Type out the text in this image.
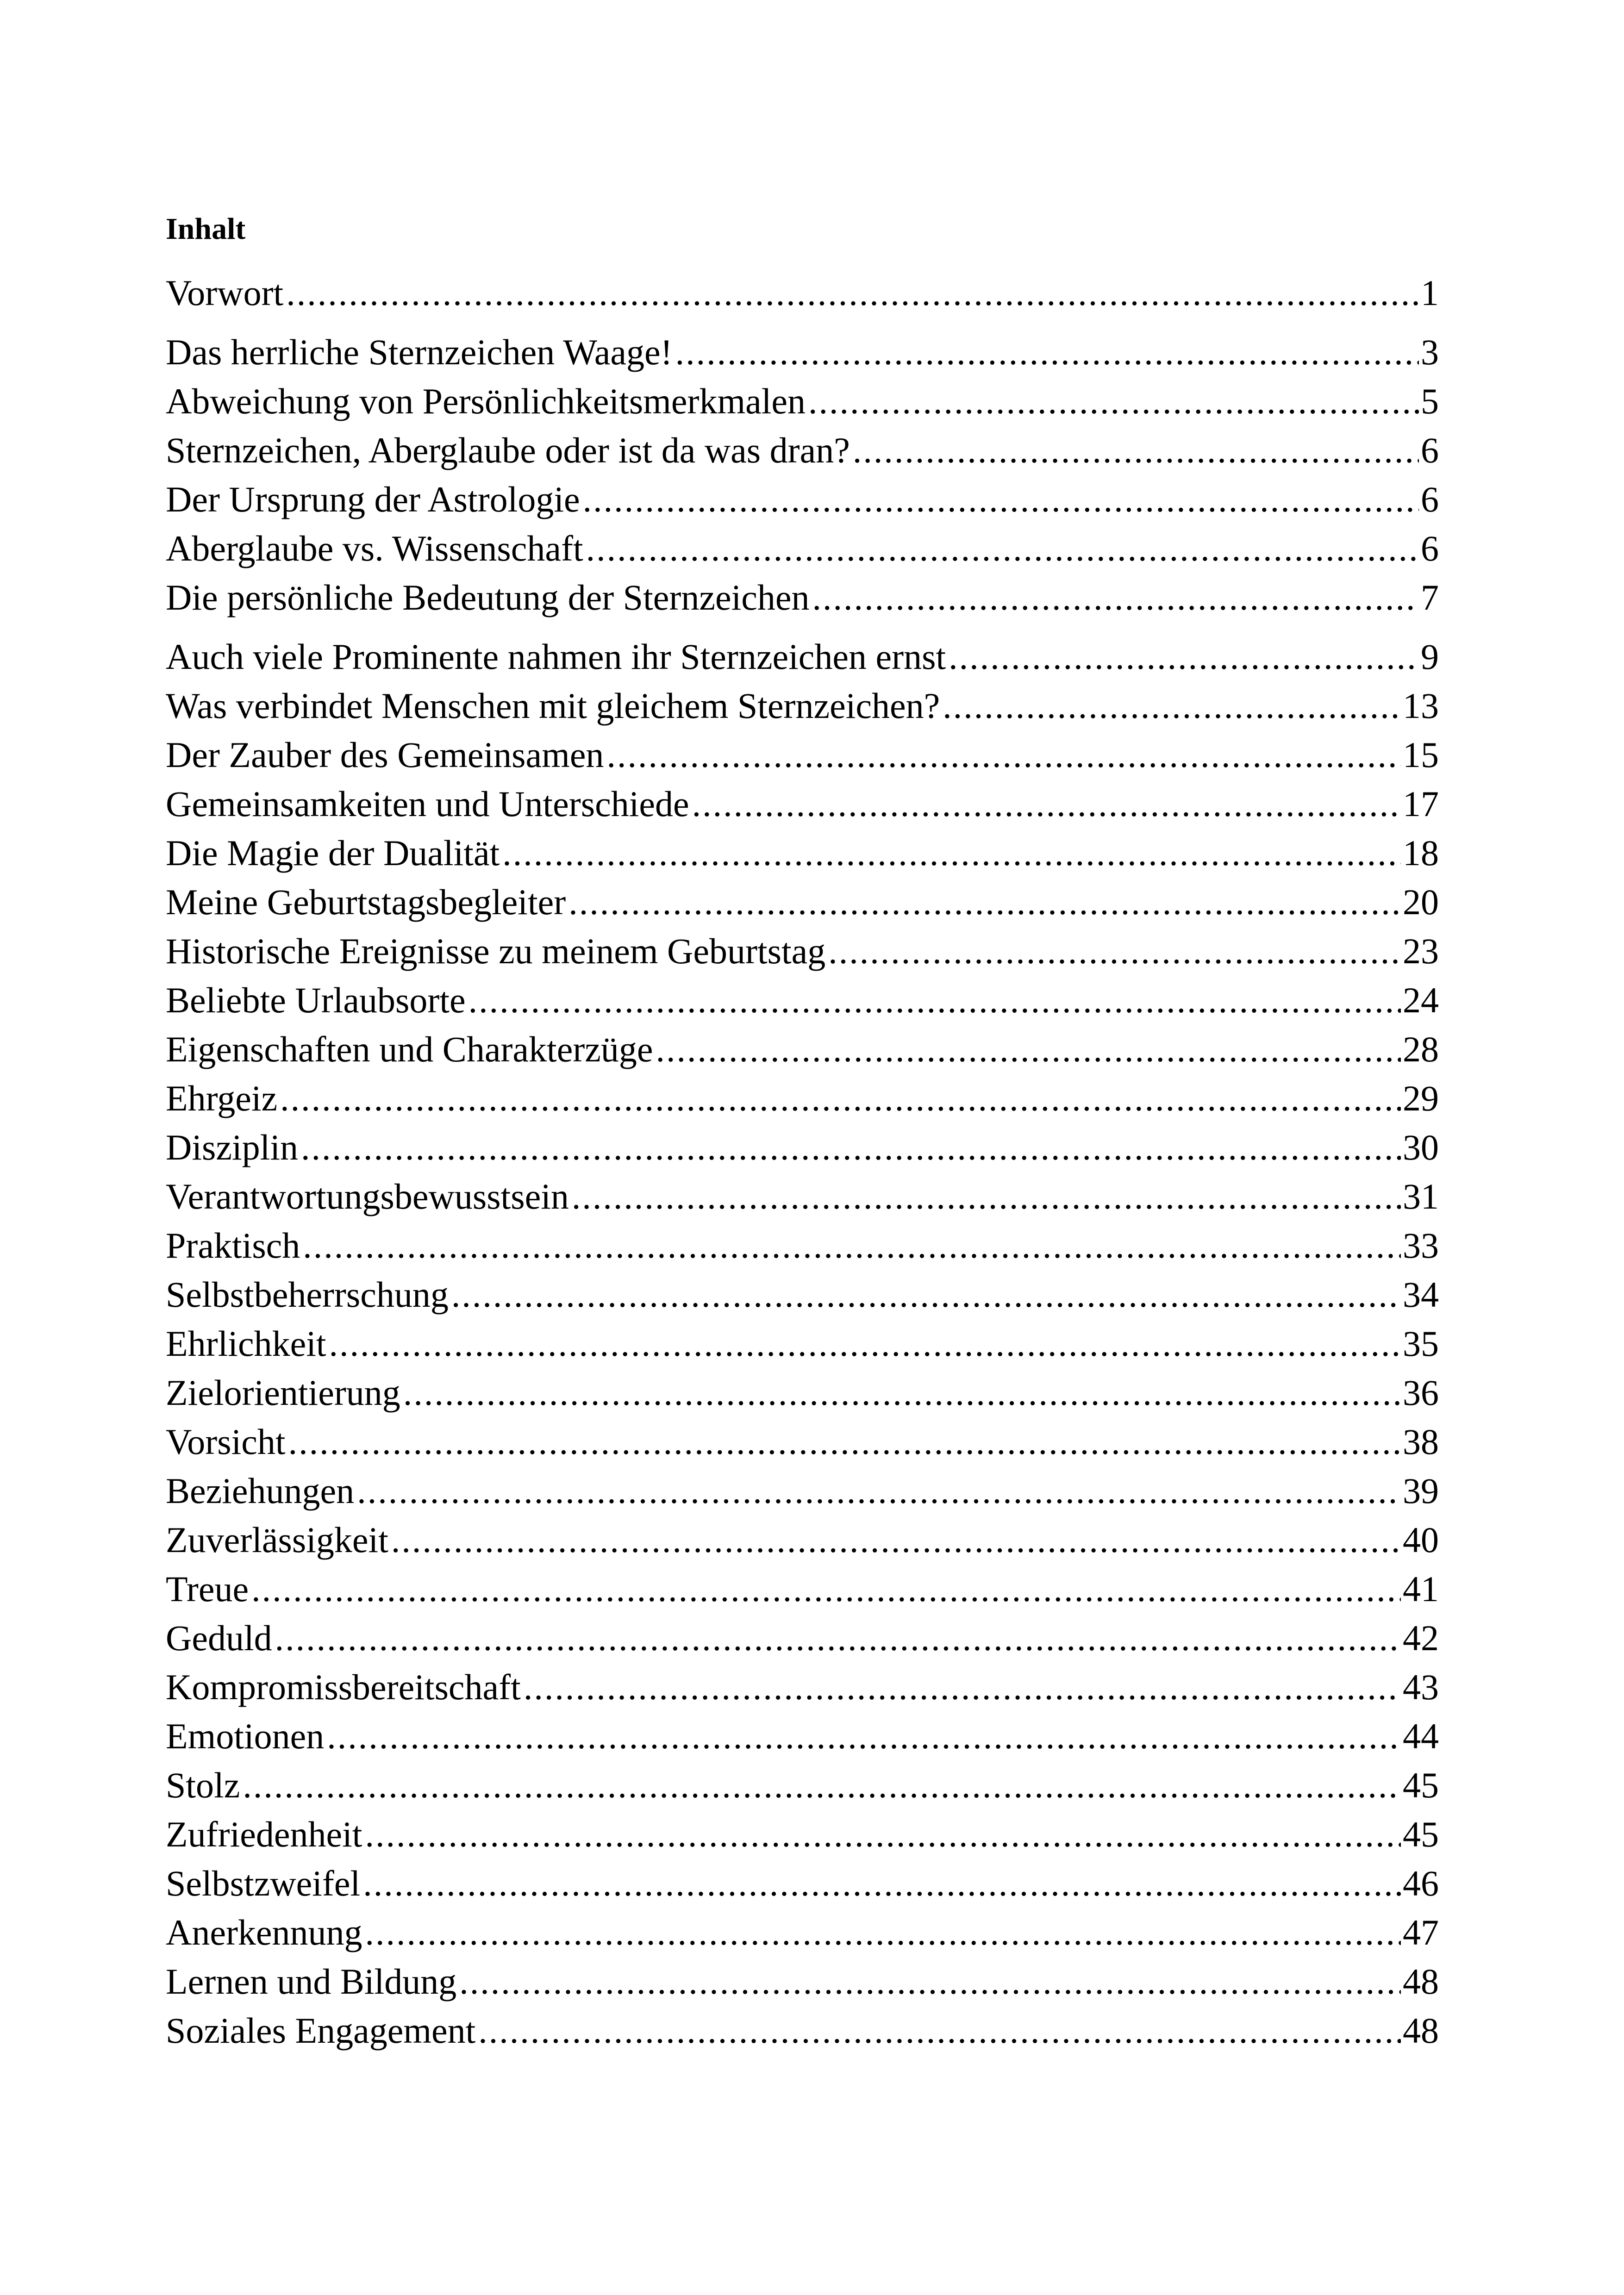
Inhalt
Vorwort .....	1
Das herrliche Sternzeichen Waage! .....	3
Abweichung von Persönlichkeitsmerkmalen .....	5
Sternzeichen, Aberglaube oder ist da was dran? .....	6
Der Ursprung der Astrologie .....	6
Aberglaube vs. Wissenschaft .....	6
Die persönliche Bedeutung der Sternzeichen .....	7
Auch viele Prominente nahmen ihr Sternzeichen ernst .....	9
Was verbindet Menschen mit gleichem Sternzeichen? .....	13
Der Zauber des Gemeinsamen .....	15
Gemeinsamkeiten und Unterschiede .....	17
Die Magie der Dualität .....	18
Meine Geburtstagsbegleiter .....	20
Historische Ereignisse zu meinem Geburtstag .....	23
Beliebte Urlaubsorte .....	24
Eigenschaften und Charakterzüge .....	28
Ehrgeiz .....	29
Disziplin .....	30
Verantwortungsbewusstsein .....	31
Praktisch .....	33
Selbstbeherrschung .....	34
Ehrlichkeit .....	35
Zielorientierung .....	36
Vorsicht .....	38
Beziehungen .....	39
Zuverlässigkeit .....	40
Treue .....	41
Geduld .....	42
Kompromissbereitschaft .....	43
Emotionen .....	44
Stolz .....	45
Zufriedenheit .....	45
Selbstzweifel .....	46
Anerkennung .....	47
Lernen und Bildung .....	48
Soziales Engagement .....	48
